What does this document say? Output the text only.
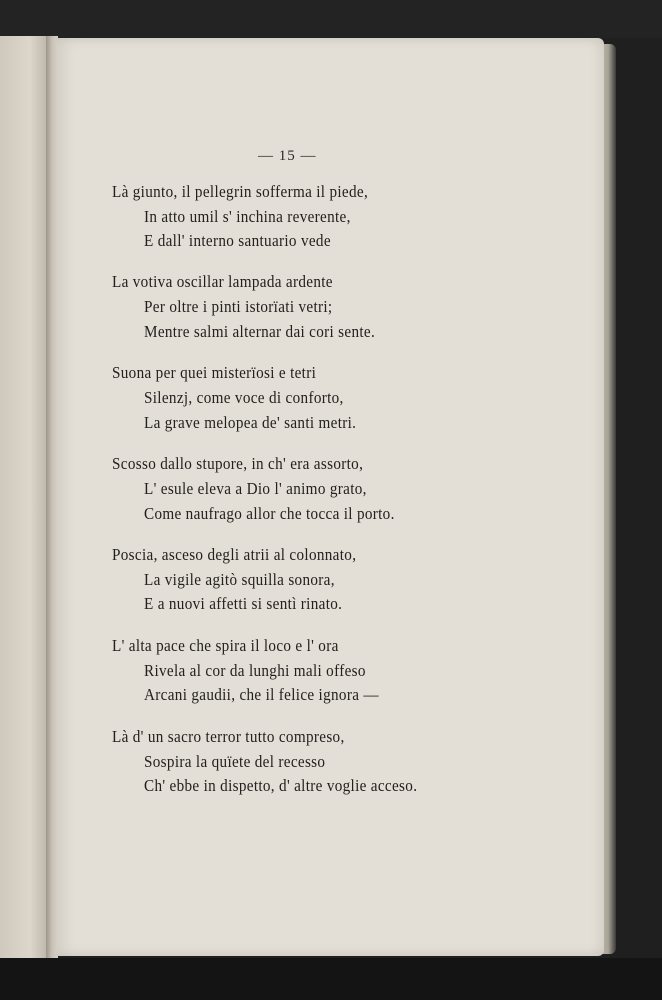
— 15 —
Là giunto, il pellegrin sofferma il piede,
In atto umil s' inchina reverente,
E dall' interno santuario vede
La votiva oscillar lampada ardente
Per oltre i pinti istorïati vetri;
Mentre salmi alternar dai cori sente.
Suona per quei misterïosi e tetri
Silenzj, come voce di conforto,
La grave melopea de' santi metri.
Scosso dallo stupore, in ch' era assorto,
L' esule eleva a Dio l' animo grato,
Come naufrago allor che tocca il porto.
Poscia, asceso degli atrii al colonnato,
La vigile agitò squilla sonora,
E a nuovi affetti si sentì rinato.
L' alta pace che spira il loco e l' ora
Rivela al cor da lunghi mali offeso
Arcani gaudii, che il felice ignora —
Là d' un sacro terror tutto compreso,
Sospira la quïete del recesso
Ch' ebbe in dispetto, d' altre voglie acceso.
